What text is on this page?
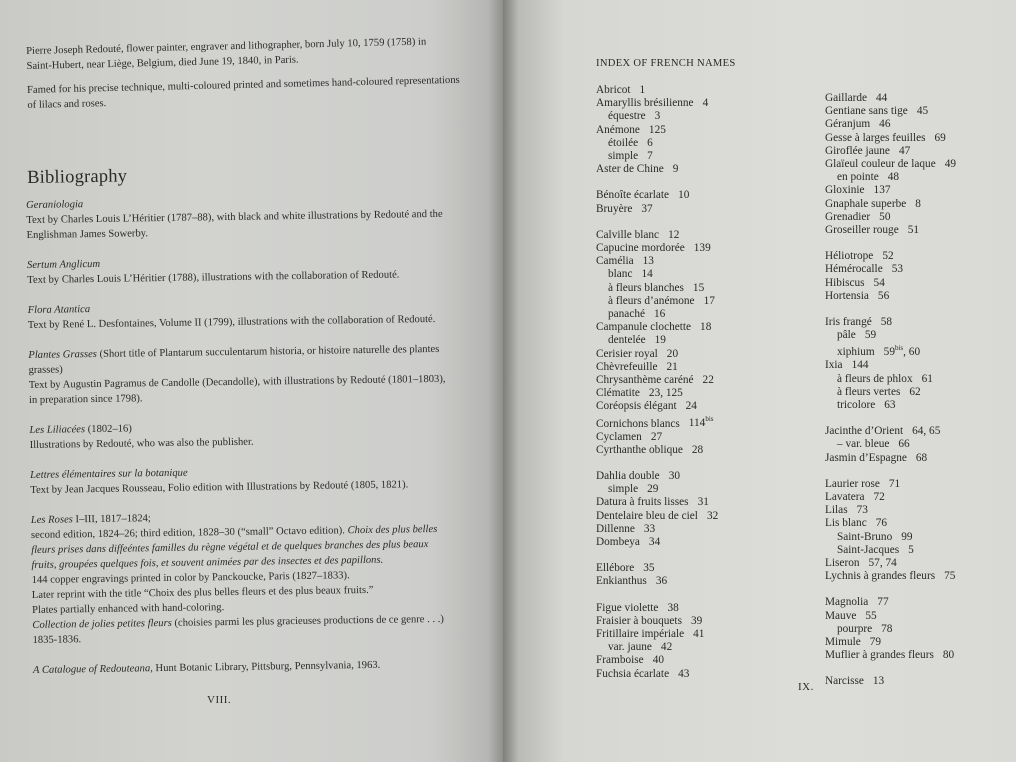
Pierre Joseph Redouté, flower painter, engraver and lithographer, born July 10, 1759 (1758) in

Saint-Hubert, near Liège, Belgium, died June 19, 1840, in Paris.

Famed for his precise technique, multi-coloured printed and sometimes hand-coloured representations

of lilacs and roses.

Bibliography

Geraniologia

Text by Charles Louis L’Héritier (1787–88), with black and white illustrations by Redouté and the

Englishman James Sowerby.

Sertum Anglicum

Text by Charles Louis L’Héritier (1788), illustrations with the collaboration of Redouté.

Flora Atantica

Text by René L. Desfontaines, Volume II (1799), illustrations with the collaboration of Redouté.

Plantes Grasses (Short title of Plantarum succulentarum historia, or histoire naturelle des plantes

grasses)

Text by Augustin Pagramus de Candolle (Decandolle), with illustrations by Redouté (1801–1803),

in preparation since 1798).

Les Liliacées (1802–16)

Illustrations by Redouté, who was also the publisher.

Lettres élémentaires sur la botanique

Text by Jean Jacques Rousseau, Folio edition with Illustrations by Redouté (1805, 1821).

Les Roses I–III, 1817–1824;

second edition, 1824–26; third edition, 1828–30 (“small” Octavo edition). Choix des plus belles

fleurs prises dans diffeéntes familles du règne végétal et de quelques branches des plus beaux

fruits, groupées quelques fois, et souvent animées par des insectes et des papillons.

144 copper engravings printed in color by Panckoucke, Paris (1827–1833).

Later reprint with the title “Choix des plus belles fleurs et des plus beaux fruits.”

Plates partially enhanced with hand-coloring.

Collection de jolies petites fleurs (choisies parmi les plus gracieuses productions de ce genre . . .)

1835-1836.

A Catalogue of Redouteana, Hunt Botanic Library, Pittsburg, Pennsylvania, 1963.

VIII.
INDEX OF FRENCH NAMES
Abricot 1
Amaryllis brésilienne 4
équestre 3
Anémone 125
étoilée 6
simple 7
Aster de Chine 9
Bénoîte écarlate 10
Bruyère 37
Calville blanc 12
Capucine mordorée 139
Camélia 13
blanc 14
à fleurs blanches 15
à fleurs d’anémone 17
panaché 16
Campanule clochette 18
dentelée 19
Cerisier royal 20
Chèvrefeuille 21
Chrysanthème caréné 22
Clématite 23, 125
Coréopsis élégant 24
Cornichons blancs $114^{bis}$
Cyclamen 27
Cyrthanthe oblique 28
Dahlia double 30
simple 29
Datura à fruits lisses 31
Dentelaire bleu de ciel 32
Dillenne 33
Dombeya 34
Ellébore 35
Enkianthus 36
Figue violette 38
Fraisier à bouquets 39
Fritillaire impériale 41
var. jaune 42
Framboise 40
Fuchsia écarlate 43
Gaillarde 44
Gentiane sans tige 45
Géranjum 46
Gesse à larges feuilles 69
Giroflée jaune 47
Glaïeul couleur de laque 49
en pointe 48
Gloxinie 137
Gnaphale superbe 8
Grenadier 50
Groseiller rouge 51
Héliotrope 52
Hémérocalle 53
Hibiscus 54
Hortensia 56
Iris frangé 58
pâle 59
xiphium $59^{bis}$, 60
Ixia 144
à fleurs de phlox 61
à fleurs vertes 62
tricolore 63
Jacinthe d’Orient 64, 65
– var. bleue 66
Jasmin d’Espagne 68
Laurier rose 71
Lavatera 72
Lilas 73
Lis blanc 76
Saint-Bruno 99
Saint-Jacques 5
Liseron 57, 74
Lychnis à grandes fleurs 75
Magnolia 77
Mauve 55
pourpre 78
Mimule 79
Muflier à grandes fleurs 80
Narcisse 13
IX.
